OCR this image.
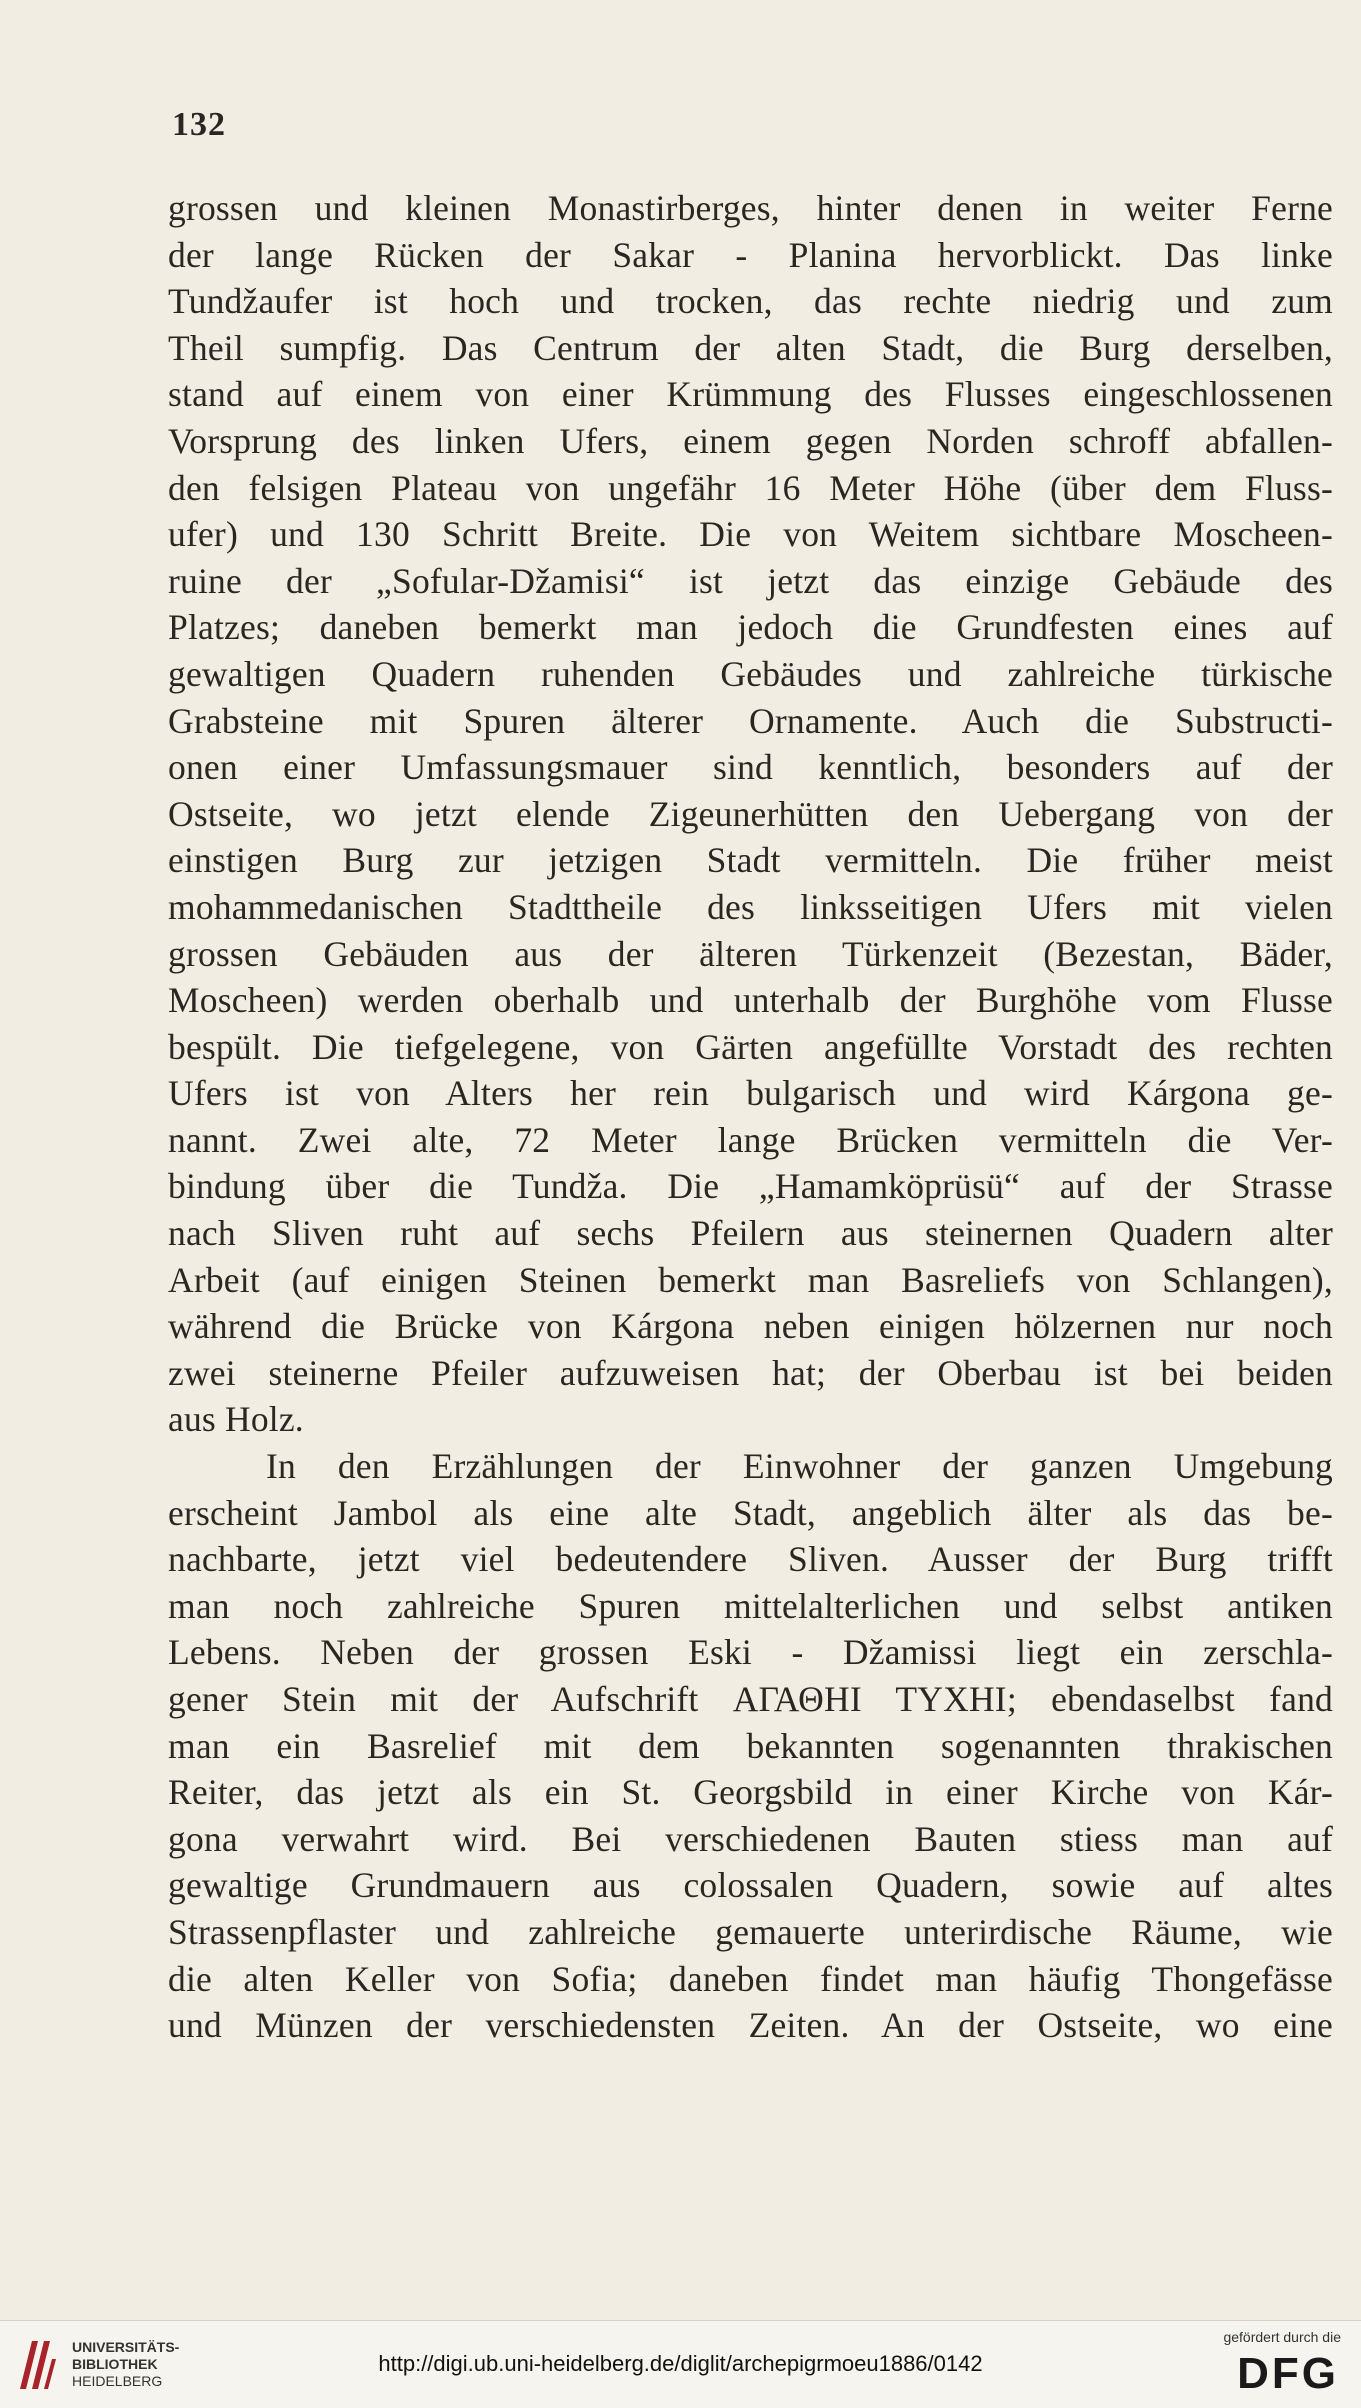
132
grossen und kleinen Monastirberges, hinter denen in weiter Ferne
der lange Rücken der Sakar - Planina hervorblickt. Das linke
Tundžaufer ist hoch und trocken, das rechte niedrig und zum
Theil sumpfig. Das Centrum der alten Stadt, die Burg derselben,
stand auf einem von einer Krümmung des Flusses eingeschlossenen
Vorsprung des linken Ufers, einem gegen Norden schroff abfallen-
den felsigen Plateau von ungefähr 16 Meter Höhe (über dem Fluss-
ufer) und 130 Schritt Breite. Die von Weitem sichtbare Moscheen-
ruine der „Sofular-Džamisi“ ist jetzt das einzige Gebäude des
Platzes; daneben bemerkt man jedoch die Grundfesten eines auf
gewaltigen Quadern ruhenden Gebäudes und zahlreiche türkische
Grabsteine mit Spuren älterer Ornamente. Auch die Substructi-
onen einer Umfassungsmauer sind kenntlich, besonders auf der
Ostseite, wo jetzt elende Zigeunerhütten den Uebergang von der
einstigen Burg zur jetzigen Stadt vermitteln. Die früher meist
mohammedanischen Stadttheile des linksseitigen Ufers mit vielen
grossen Gebäuden aus der älteren Türkenzeit (Bezestan, Bäder,
Moscheen) werden oberhalb und unterhalb der Burghöhe vom Flusse
bespült. Die tiefgelegene, von Gärten angefüllte Vorstadt des rechten
Ufers ist von Alters her rein bulgarisch und wird Kárgona ge-
nannt. Zwei alte, 72 Meter lange Brücken vermitteln die Ver-
bindung über die Tundža. Die „Hamamköprüsü“ auf der Strasse
nach Sliven ruht auf sechs Pfeilern aus steinernen Quadern alter
Arbeit (auf einigen Steinen bemerkt man Basreliefs von Schlangen),
während die Brücke von Kárgona neben einigen hölzernen nur noch
zwei steinerne Pfeiler aufzuweisen hat; der Oberbau ist bei beiden
aus Holz.
In den Erzählungen der Einwohner der ganzen Umgebung
erscheint Jambol als eine alte Stadt, angeblich älter als das be-
nachbarte, jetzt viel bedeutendere Sliven. Ausser der Burg trifft
man noch zahlreiche Spuren mittelalterlichen und selbst antiken
Lebens. Neben der grossen Eski - Džamissi liegt ein zerschla-
gener Stein mit der Aufschrift ΑΓΑΘΗΙ ΤΥΧΗΙ; ebendaselbst fand
man ein Basrelief mit dem bekannten sogenannten thrakischen
Reiter, das jetzt als ein St. Georgsbild in einer Kirche von Kár-
gona verwahrt wird. Bei verschiedenen Bauten stiess man auf
gewaltige Grundmauern aus colossalen Quadern, sowie auf altes
Strassenpflaster und zahlreiche gemauerte unterirdische Räume, wie
die alten Keller von Sofia; daneben findet man häufig Thongefässe
und Münzen der verschiedensten Zeiten. An der Ostseite, wo eine
UNIVERSITÄTS-
BIBLIOTHEK
HEIDELBERG
http://digi.ub.uni-heidelberg.de/diglit/archepigrmoeu1886/0142
gefördert durch die
DFG
